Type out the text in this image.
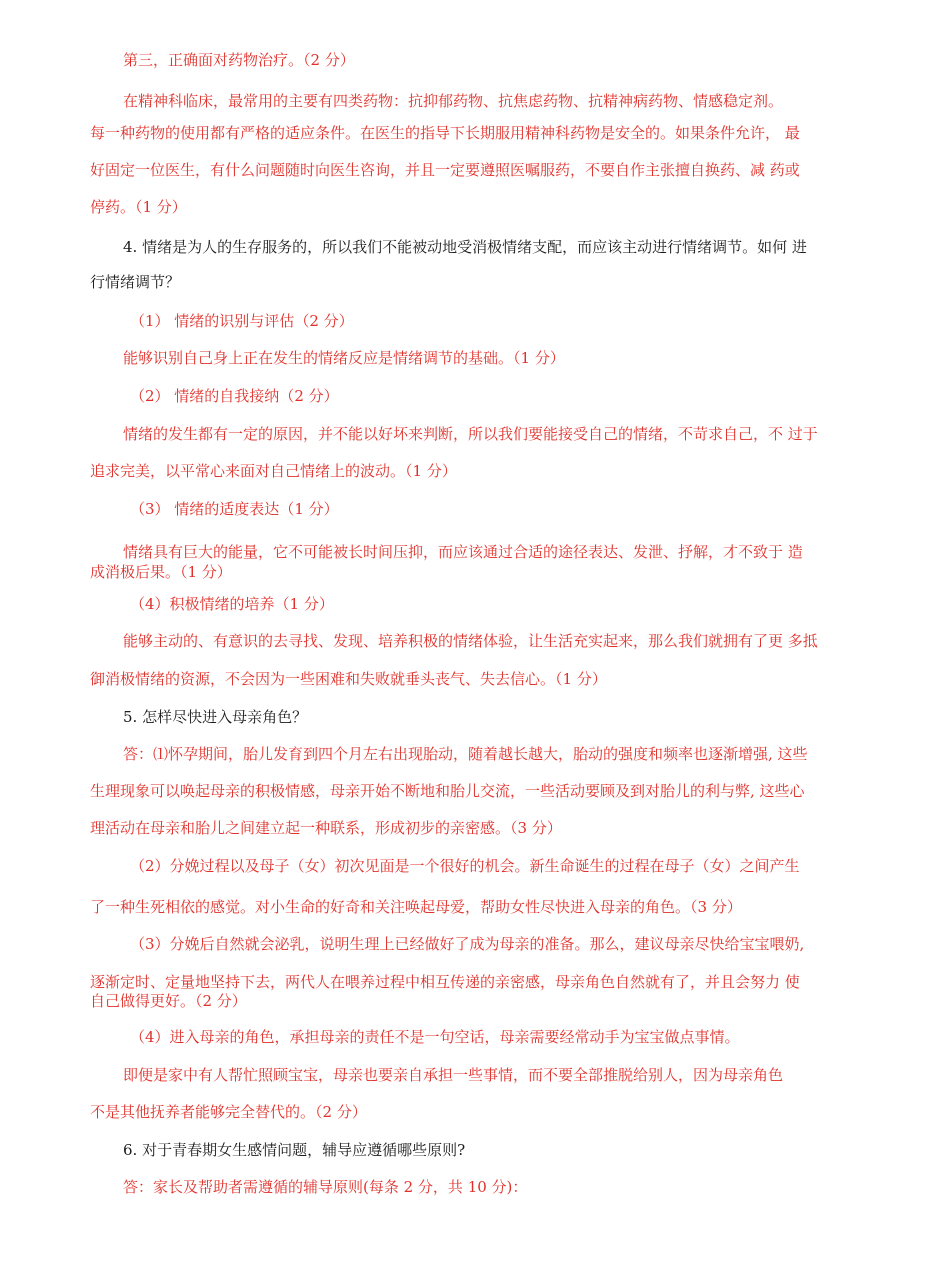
第三，正确面对药物治疗。（2 分）
在精神科临床，最常用的主要有四类药物：抗抑郁药物、抗焦虑药物、抗精神病药物、情感稳定剂。
每一种药物的使用都有严格的适应条件。在医生的指导下长期服用精神科药物是安全的。如果条件允许， 最
好固定一位医生，有什么问题随时向医生咨询，并且一定要遵照医嘱服药，不要自作主张擅自换药、减 药或
停药。（1 分）
4. 情绪是为人的生存服务的，所以我们不能被动地受消极情绪支配，而应该主动进行情绪调节。如何 进
行情绪调节？
（1） 情绪的识别与评估（2 分）
能够识别自己身上正在发生的情绪反应是情绪调节的基础。（1 分）
（2） 情绪的自我接纳（2 分）
情绪的发生都有一定的原因，并不能以好坏来判断，所以我们要能接受自己的情绪，不苛求自己，不 过于
追求完美，以平常心来面对自己情绪上的波动。（1 分）
（3） 情绪的适度表达（1 分）
情绪具有巨大的能量，它不可能被长时间压抑，而应该通过合适的途径表达、发泄、抒解，才不致于 造
成消极后果。（1 分）
（4）积极情绪的培养（1 分）
能够主动的、有意识的去寻找、发现、培养积极的情绪体验，让生活充实起来，那么我们就拥有了更 多抵
御消极情绪的资源，不会因为一些困难和失败就垂头丧气、失去信心。（1 分）
5. 怎样尽快进入母亲角色？
答：⑴怀孕期间，胎儿发育到四个月左右出现胎动，随着越长越大，胎动的强度和频率也逐渐增强, 这些
生理现象可以唤起母亲的积极情感，母亲开始不断地和胎儿交流，一些活动要顾及到对胎儿的利与弊, 这些心
理活动在母亲和胎儿之间建立起一种联系，形成初步的亲密感。（3 分）
（2）分娩过程以及母子（女）初次见面是一个很好的机会。新生命诞生的过程在母子（女）之间产生
了一种生死相依的感觉。对小生命的好奇和关注唤起母爱，帮助女性尽快进入母亲的角色。（3 分）
（3）分娩后自然就会泌乳，说明生理上已经做好了成为母亲的准备。那么，建议母亲尽快给宝宝喂奶,
逐渐定时、定量地坚持下去，两代人在喂养过程中相互传递的亲密感，母亲角色自然就有了，并且会努力 使
自己做得更好。（2 分）
（4）进入母亲的角色，承担母亲的责任不是一句空话，母亲需要经常动手为宝宝做点事情。
即便是家中有人帮忙照顾宝宝，母亲也要亲自承担一些事情，而不要全部推脱给别人，因为母亲角色
不是其他抚养者能够完全替代的。（2 分）
6. 对于青春期女生感情问题，辅导应遵循哪些原则?
答：家长及帮助者需遵循的辅导原则(每条 2 分，共 10 分)：
